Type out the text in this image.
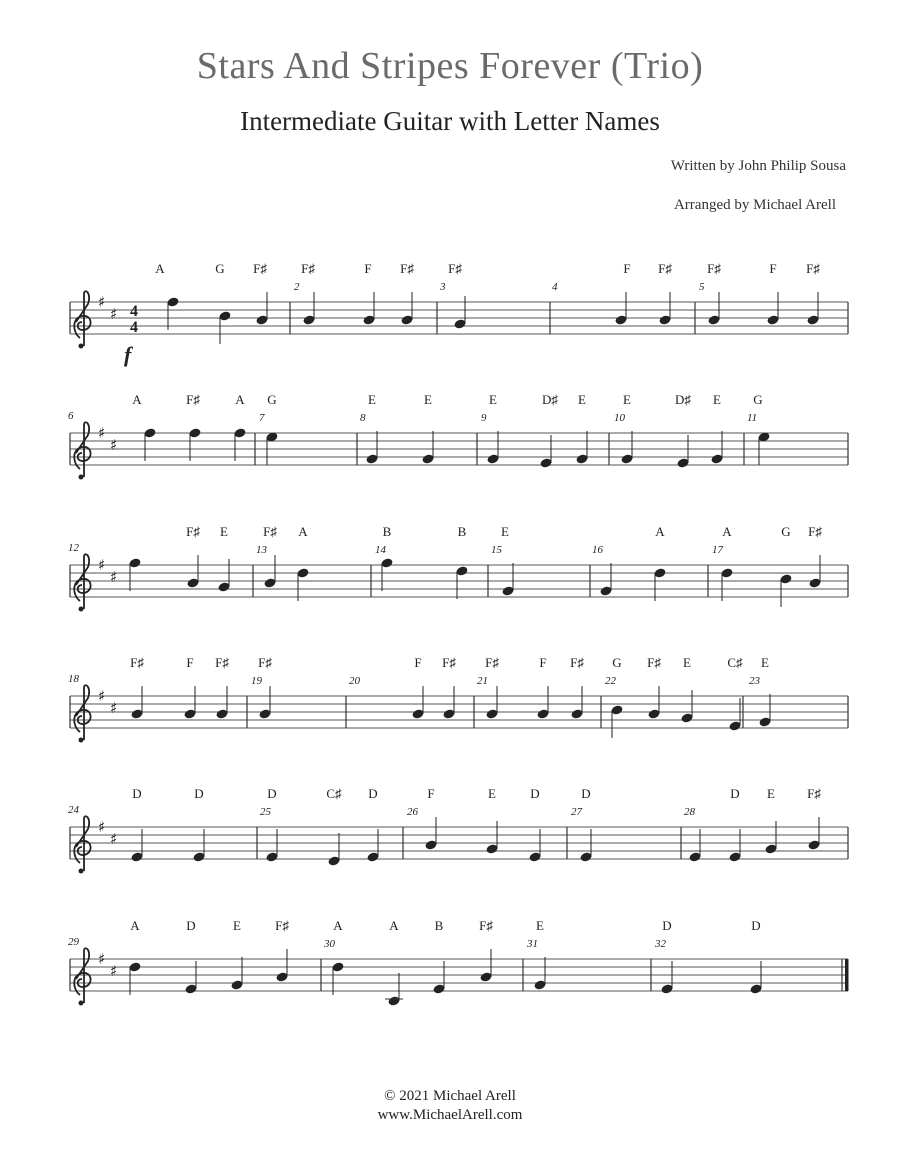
Stars And Stripes Forever (Trio)
Intermediate Guitar with Letter Names
Written by John Philip Sousa
Arranged by Michael Arell
♯
♯ 4
4
f
2	3	4	5
A	G F♯	F♯	F F♯	F♯	F F♯	F♯	F F♯
♯
♯
6	7	8	9	10	11
A	F♯	A G	E	E	E	D♯ E	E	D♯ E G
♯
♯
12	13	14	15	16	17
F♯ E	F♯ A	B	B	E	A	A	G F♯
♯
♯
18	19	20	21	22	23
F♯	F F♯ F♯	F F♯ F♯	F F♯ G F♯ E	C♯ E
♯
♯
24	25	26	27	28
D	D	D	C♯ D	F	E	D	D	D E F♯
♯
♯
29	30	31	32
A	D	E	F♯	A	A	B	F♯	E	D	D
© 2021 Michael Arell
www.MichaelArell.com
